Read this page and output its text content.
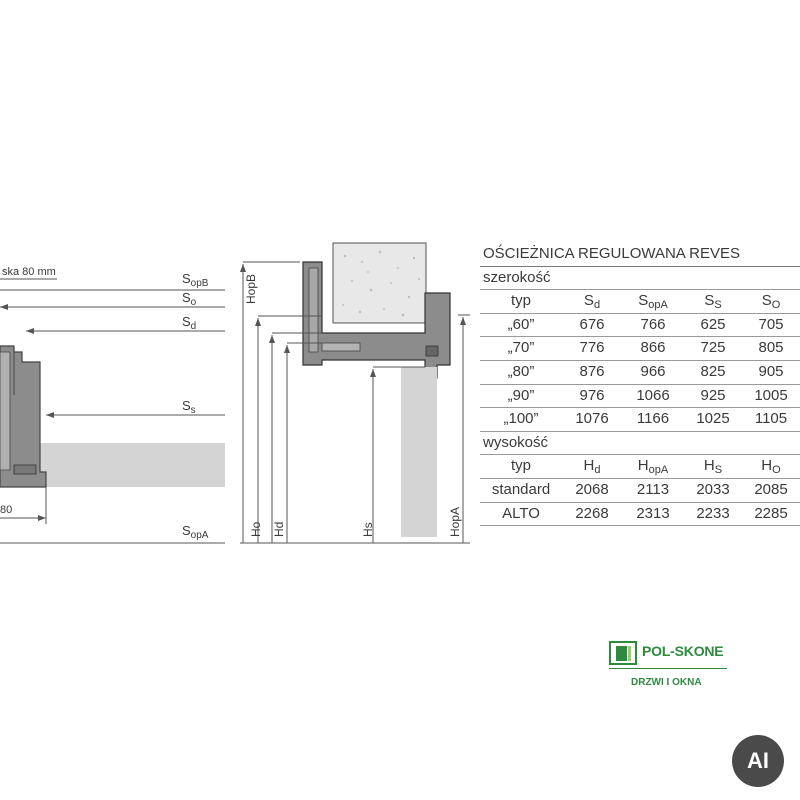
ska 80 mm	$S_{opB}$
$S_o$
$S_d$
$S_s$
$S_{opA}$
80
HopB
Ho Hd	Hs	HopA
OŚCIEŻNICA REGULOWANA REVES
szerokość
typ	$S_d$	$S_{opA}$	$S_S$	$S_O$
„60”	676	766	625	705
„70”	776	866	725	805
„80”	876	966	825	905
„90”	976	1066	925	1005
„100”	1076	1166	1025	1105
wysokość
typ	$H_d$	$H_{opA}$	$H_S$	$H_O$
standard	2068	2113	2033	2085
ALTO	2268	2313	2233	2285
POL-SKONE
DRZWI I OKNA
AI
